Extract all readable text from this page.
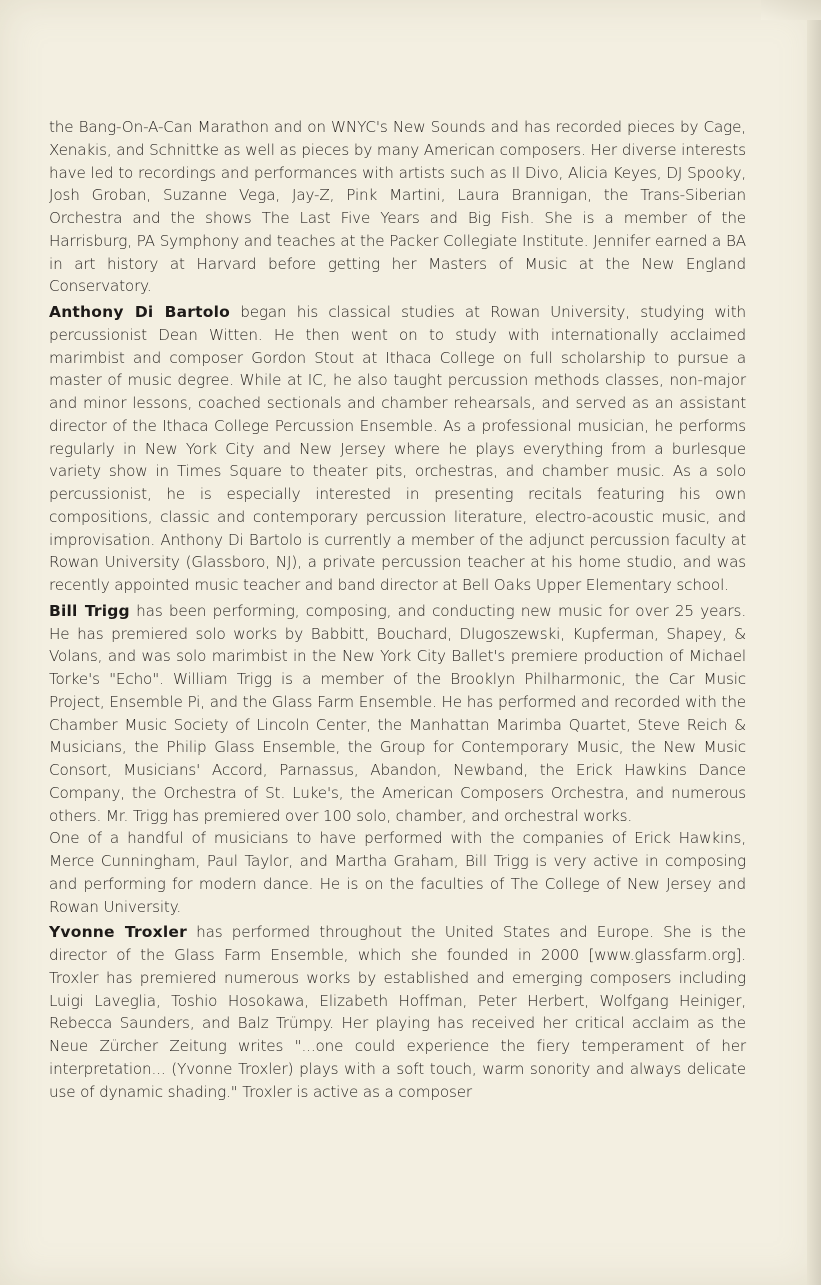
the Bang-On-A-Can Marathon and on WNYC's New Sounds and has recorded pieces by Cage, Xenakis, and Schnittke as well as pieces by many American composers. Her diverse interests have led to recordings and performances with artists such as Il Divo, Alicia Keyes, DJ Spooky, Josh Groban, Suzanne Vega, Jay-Z, Pink Martini, Laura Brannigan, the Trans-Siberian Orchestra and the shows The Last Five Years and Big Fish. She is a member of the Harrisburg, PA Symphony and teaches at the Packer Collegiate Institute. Jennifer earned a BA in art history at Harvard before getting her Masters of Music at the New England Conservatory.

Anthony Di Bartolo began his classical studies at Rowan University, studying with percussionist Dean Witten. He then went on to study with internationally acclaimed marimbist and composer Gordon Stout at Ithaca College on full scholarship to pursue a master of music degree. While at IC, he also taught percussion methods classes, non-major and minor lessons, coached sectionals and chamber rehearsals, and served as an assistant director of the Ithaca College Percussion Ensemble. As a professional musician, he performs regularly in New York City and New Jersey where he plays everything from a burlesque variety show in Times Square to theater pits, orchestras, and chamber music. As a solo percussionist, he is especially interested in presenting recitals featuring his own compositions, classic and contemporary percussion literature, electro-acoustic music, and improvisation. Anthony Di Bartolo is currently a member of the adjunct percussion faculty at Rowan University (Glassboro, NJ), a private percussion teacher at his home studio, and was recently appointed music teacher and band director at Bell Oaks Upper Elementary school.

Bill Trigg has been performing, composing, and conducting new music for over 25 years. He has premiered solo works by Babbitt, Bouchard, Dlugoszewski, Kupferman, Shapey, & Volans, and was solo marimbist in the New York City Ballet's premiere production of Michael Torke's "Echo". William Trigg is a member of the Brooklyn Philharmonic, the Car Music Project, Ensemble Pi, and the Glass Farm Ensemble. He has performed and recorded with the Chamber Music Society of Lincoln Center, the Manhattan Marimba Quartet, Steve Reich & Musicians, the Philip Glass Ensemble, the Group for Contemporary Music, the New Music Consort, Musicians' Accord, Parnassus, Abandon, Newband, the Erick Hawkins Dance Company, the Orchestra of St. Luke's, the American Composers Orchestra, and numerous others. Mr. Trigg has premiered over 100 solo, chamber, and orchestral works.

One of a handful of musicians to have performed with the companies of Erick Hawkins, Merce Cunningham, Paul Taylor, and Martha Graham, Bill Trigg is very active in composing and performing for modern dance. He is on the faculties of The College of New Jersey and Rowan University.

Yvonne Troxler has performed throughout the United States and Europe. She is the director of the Glass Farm Ensemble, which she founded in 2000 [www.glassfarm.org]. Troxler has premiered numerous works by established and emerging composers including Luigi Laveglia, Toshio Hosokawa, Elizabeth Hoffman, Peter Herbert, Wolfgang Heiniger, Rebecca Saunders, and Balz Trümpy. Her playing has received her critical acclaim as the Neue Zürcher Zeitung writes "...one could experience the fiery temperament of her interpretation... (Yvonne Troxler) plays with a soft touch, warm sonority and always delicate use of dynamic shading." Troxler is active as a composer
